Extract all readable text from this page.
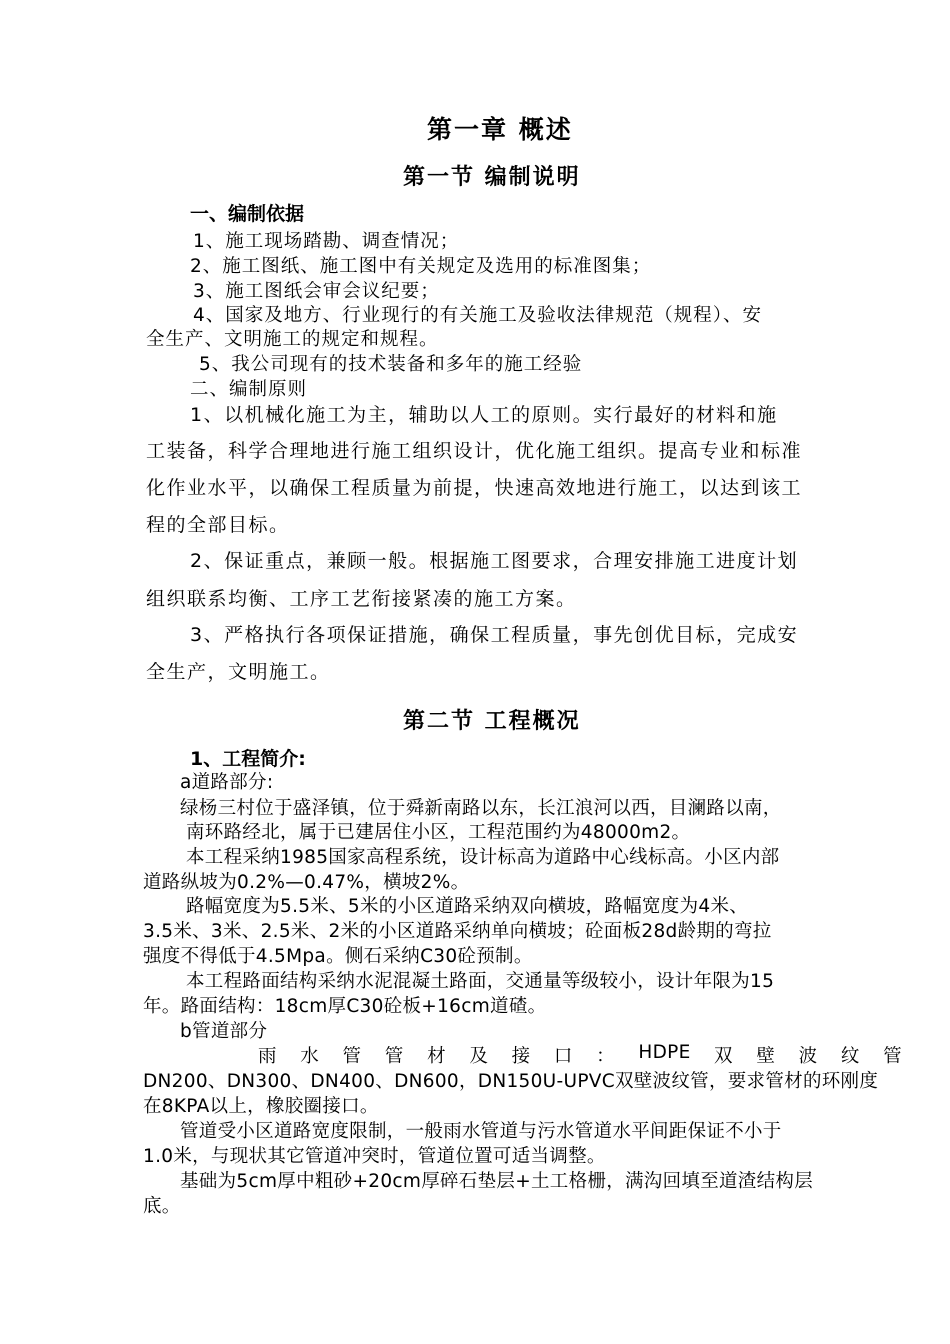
第一章 概述
第一节 编制说明
一、编制依据
1、施工现场踏勘、调查情况；
2、施工图纸、施工图中有关规定及选用的标准图集；
3、施工图纸会审会议纪要；
4、国家及地方、行业现行的有关施工及验收法律规范（规程）、安
全生产、文明施工的规定和规程。
5、我公司现有的技术装备和多年的施工经验
二、编制原则
1、以机械化施工为主，辅助以人工的原则。实行最好的材料和施
工装备，科学合理地进行施工组织设计，优化施工组织。提高专业和标准
化作业水平，以确保工程质量为前提，快速高效地进行施工，以达到该工
程的全部目标。
2、保证重点，兼顾一般。根据施工图要求，合理安排施工进度计划
组织联系均衡、工序工艺衔接紧凑的施工方案。
3、严格执行各项保证措施，确保工程质量，事先创优目标，完成安
全生产，文明施工。
第二节 工程概况
1、工程简介:
a道路部分:
绿杨三村位于盛泽镇，位于舜新南路以东，长江浪河以西，目澜路以南，
南环路经北，属于已建居住小区，工程范围约为48000m2。
本工程采纳1985国家高程系统，设计标高为道路中心线标高。小区内部
道路纵坡为0.2%—0.47%，横坡2%。
路幅宽度为5.5米、5米的小区道路采纳双向横坡，路幅宽度为4米、
3.5米、3米、2.5米、2米的小区道路采纳单向横坡；砼面板28d龄期的弯拉
强度不得低于4.5Mpa。侧石采纳C30砼预制。
本工程路面结构采纳水泥混凝土路面，交通量等级较小，设计年限为15
年。路面结构：18cm厚C30砼板+16cm道碴。
b管道部分
雨 水 管 管 材 及 接 口 ： HDPE 双 壁 波 纹 管
DN200、DN300、DN400、DN600，DN150U-UPVC双壁波纹管，要求管材的环刚度
在8KPA以上，橡胶圈接口。
管道受小区道路宽度限制，一般雨水管道与污水管道水平间距保证不小于
1.0米，与现状其它管道冲突时，管道位置可适当调整。
基础为5cm厚中粗砂+20cm厚碎石垫层+土工格栅，满沟回填至道渣结构层
底。
